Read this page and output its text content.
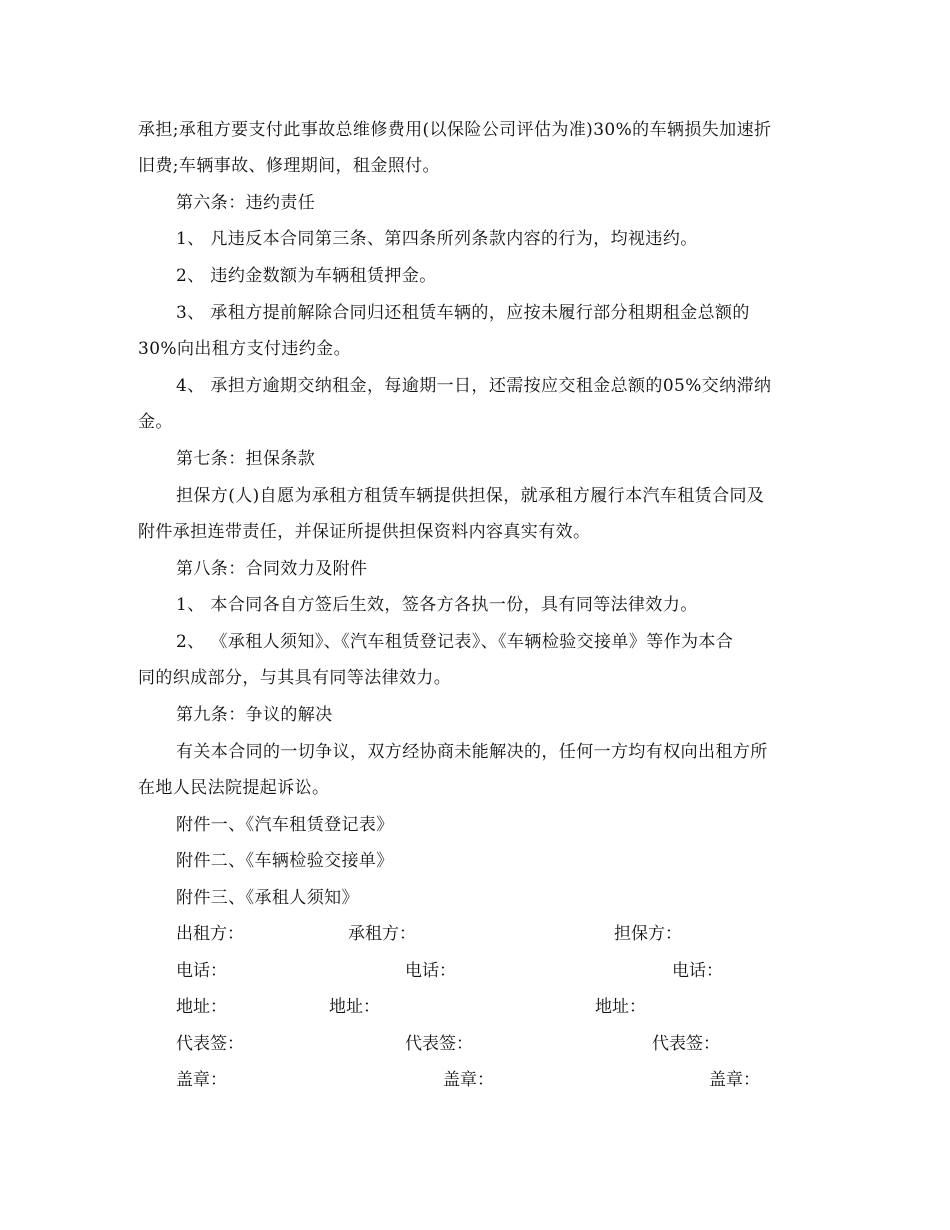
承担;承租方要支付此事故总维修费用(以保险公司评估为准)30%的车辆损失加速折
旧费;车辆事故、修理期间，租金照付。
第六条：违约责任
1、 凡违反本合同第三条、第四条所列条款内容的行为，均视违约。
2、 违约金数额为车辆租赁押金。
3、 承租方提前解除合同归还租赁车辆的，应按未履行部分租期租金总额的
30%向出租方支付违约金。
4、 承担方逾期交纳租金，每逾期一日，还需按应交租金总额的05%交纳滞纳
金。
第七条：担保条款
担保方(人)自愿为承租方租赁车辆提供担保，就承租方履行本汽车租赁合同及
附件承担连带责任，并保证所提供担保资料内容真实有效。
第八条：合同效力及附件
1、 本合同各自方签后生效，签各方各执一份，具有同等法律效力。
2、 《承租人须知》、《汽车租赁登记表》、《车辆检验交接单》等作为本合
同的织成部分，与其具有同等法律效力。
第九条：争议的解决
有关本合同的一切争议，双方经协商未能解决的，任何一方均有权向出租方所
在地人民法院提起诉讼。
附件一、《汽车租赁登记表》
附件二、《车辆检验交接单》
附件三、《承租人须知》
出租方：	承租方：	担保方：
电话：	电话：	电话：
地址：	地址：	地址：
代表签：	代表签：	代表签：
盖章：	盖章：	盖章：
